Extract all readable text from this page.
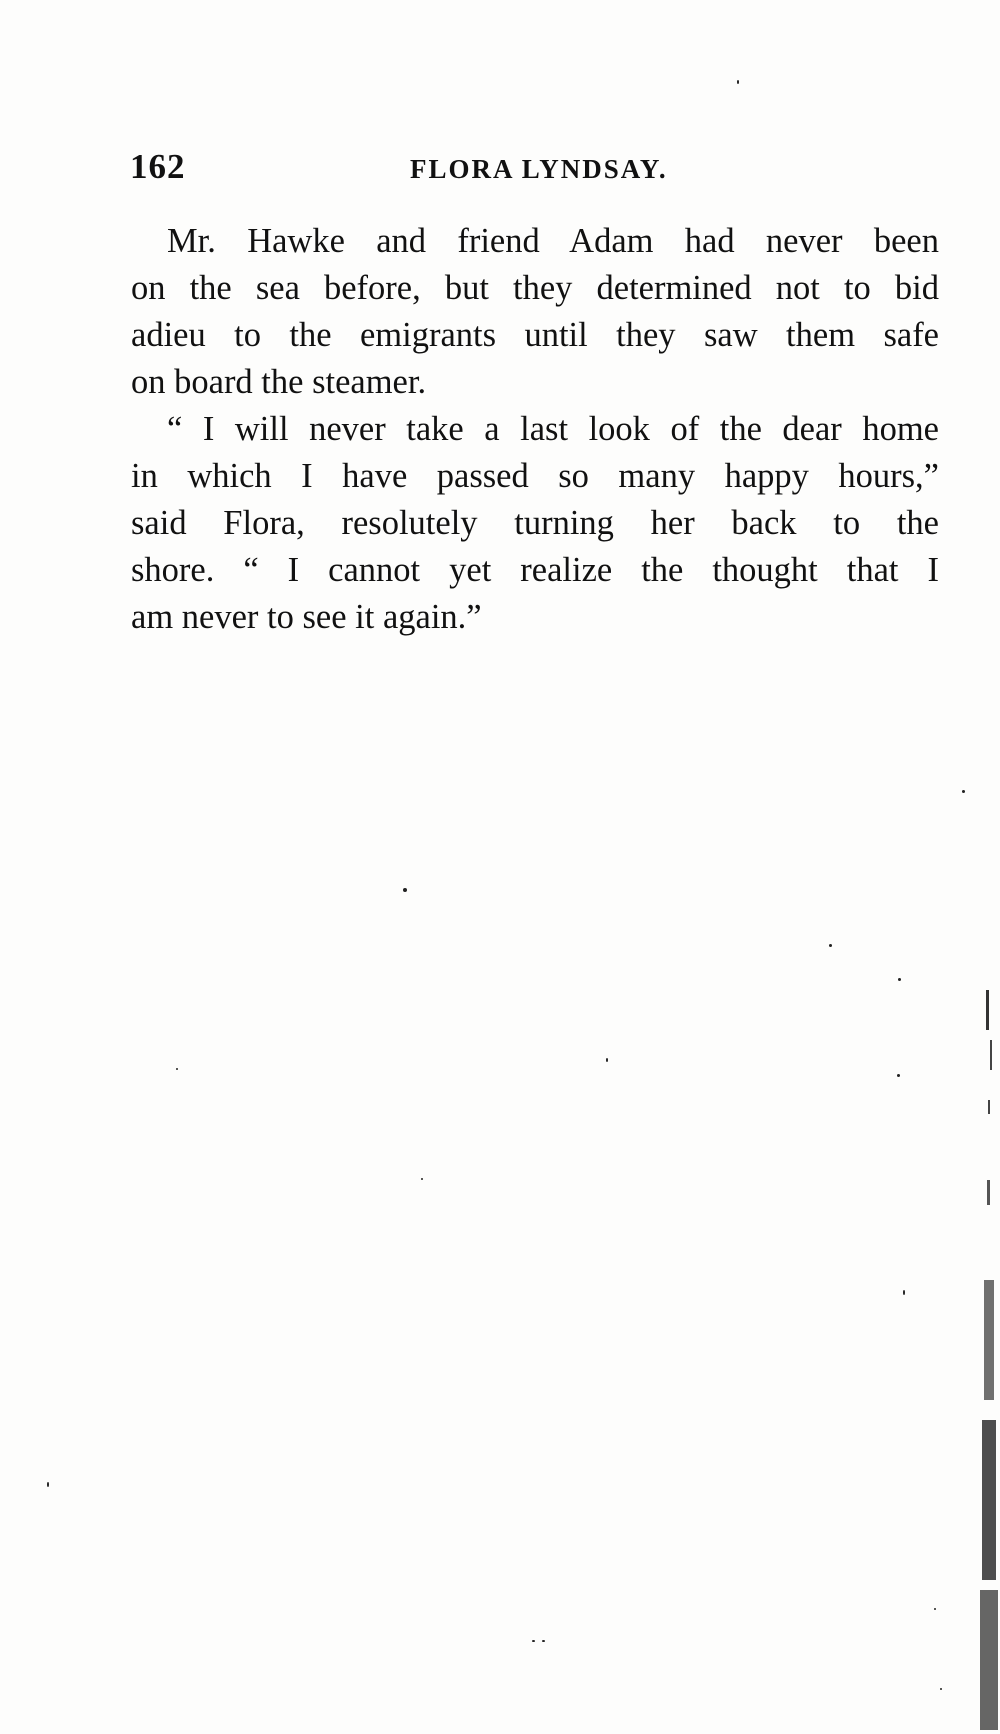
162	FLORA LYNDSAY.

Mr. Hawke and friend Adam had never been
on the sea before, but they determined not to bid
adieu to the emigrants until they saw them safe
on board the steamer.

“ I will never take a last look of the dear home
in which I have passed so many happy hours,”
said Flora, resolutely turning her back to the
shore. “ I cannot yet realize the thought that I
am never to see it again.”
